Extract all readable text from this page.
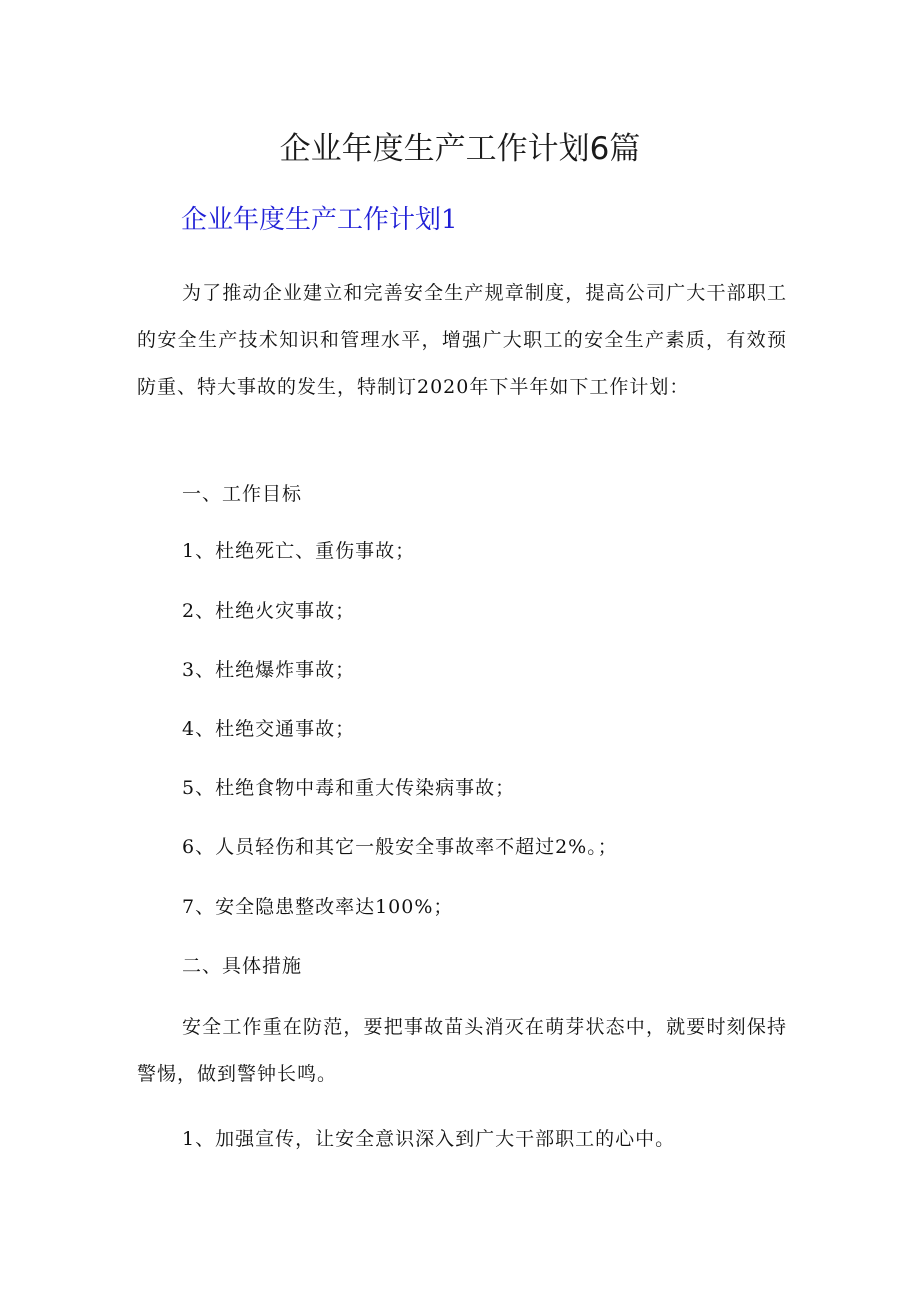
企业年度生产工作计划6篇
企业年度生产工作计划1

为了推动企业建立和完善安全生产规章制度，提高公司广大干部职工的安全生产技术知识和管理水平，增强广大职工的安全生产素质，有效预防重、特大事故的发生，特制订2020年下半年如下工作计划：

一、工作目标

1、杜绝死亡、重伤事故；

2、杜绝火灾事故；

3、杜绝爆炸事故；

4、杜绝交通事故；

5、杜绝食物中毒和重大传染病事故；

6、人员轻伤和其它一般安全事故率不超过2%。；

7、安全隐患整改率达100%；

二、具体措施

安全工作重在防范，要把事故苗头消灭在萌芽状态中，就要时刻保持警惕，做到警钟长鸣。

1、加强宣传，让安全意识深入到广大干部职工的心中。
